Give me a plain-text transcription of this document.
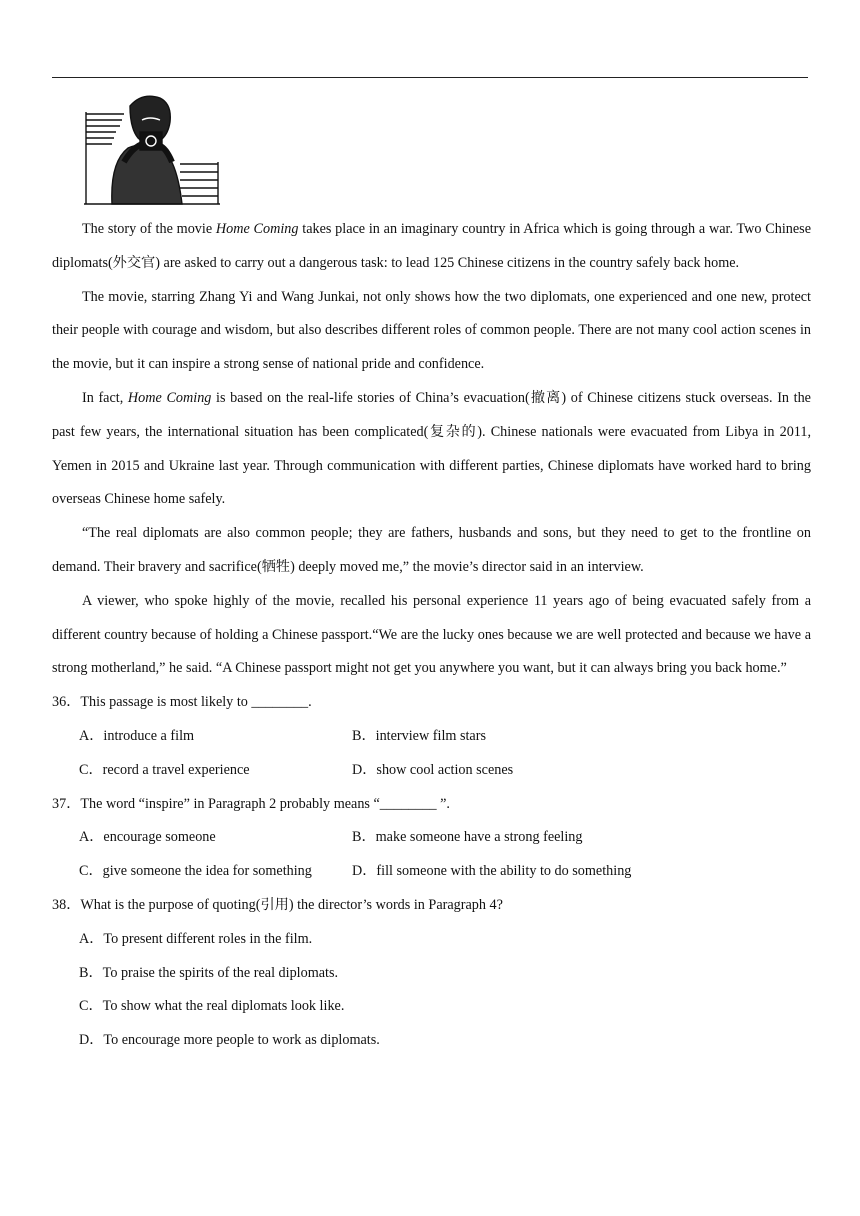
The story of the movie Home Coming takes place in an imaginary country in Africa which is going through a war. Two Chinese diplomats(外交官) are asked to carry out a dangerous task: to lead 125 Chinese citizens in the country safely back home.

The movie, starring Zhang Yi and Wang Junkai, not only shows how the two diplomats, one experienced and one new, protect their people with courage and wisdom, but also describes different roles of common people. There are not many cool action scenes in the movie, but it can inspire a strong sense of national pride and confidence.

In fact, Home Coming is based on the real-life stories of China’s evacuation(撤离) of Chinese citizens stuck overseas. In the past few years, the international situation has been complicated(复杂的). Chinese nationals were evacuated from Libya in 2011, Yemen in 2015 and Ukraine last year. Through communication with different parties, Chinese diplomats have worked hard to bring overseas Chinese home safely.

“The real diplomats are also common people; they are fathers, husbands and sons, but they need to get to the frontline on demand. Their bravery and sacrifice(牺牲) deeply moved me,” the movie’s director said in an interview.

A viewer, who spoke highly of the movie, recalled his personal experience 11 years ago of being evacuated safely from a different country because of holding a Chinese passport.“We are the lucky ones because we are well protected and because we have a strong motherland,” he said. “A Chinese passport might not get you anywhere you want, but it can always bring you back home.”

36．This passage is most likely to ________.

A．introduce a film	B．interview film stars

C．record a travel experience	D．show cool action scenes

37．The word “inspire” in Paragraph 2 probably means “________ ”.

A．encourage someone	B．make someone have a strong feeling

C．give someone the idea for something	D．fill someone with the ability to do something

38．What is the purpose of quoting(引用) the director’s words in Paragraph 4?

A．To present different roles in the film.

B．To praise the spirits of the real diplomats.

C．To show what the real diplomats look like.

D．To encourage more people to work as diplomats.
